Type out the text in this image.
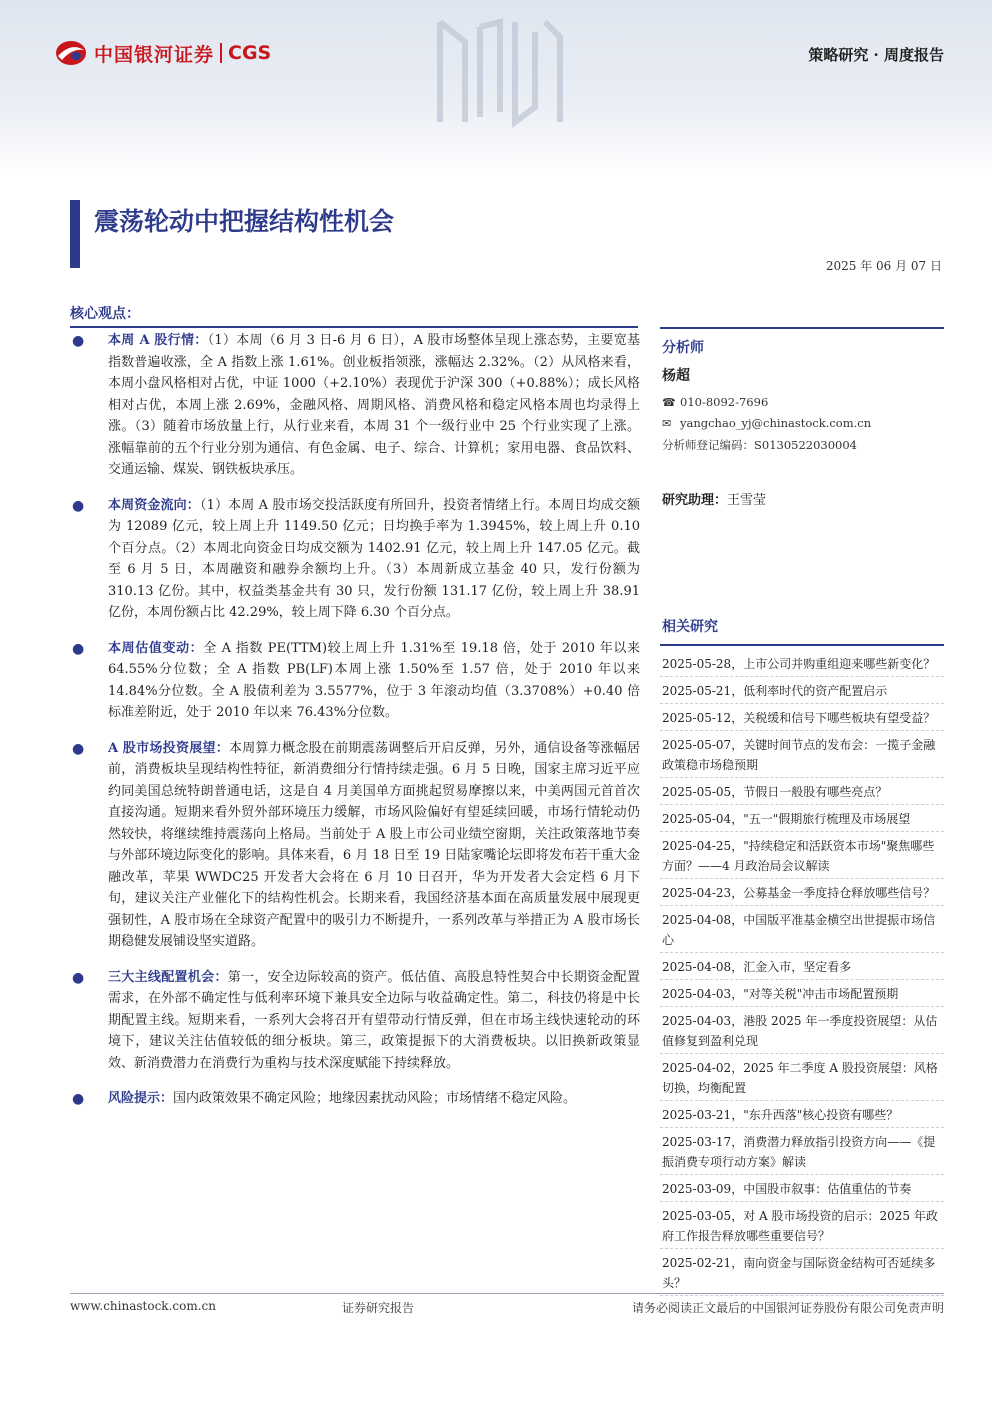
中国银河证券 CGS	策略研究 · 周度报告
震荡轮动中把握结构性机会
2025 年 06 月 07 日
核心观点：
● 本周 A 股行情：（1）本周（6 月 3 日-6 月 6 日），A 股市场整体呈现上涨态势，主要宽基指数普遍收涨，全 A 指数上涨 1.61%。创业板指领涨，涨幅达 2.32%。（2）从风格来看，本周小盘风格相对占优，中证 1000（+2.10%）表现优于沪深 300（+0.88%）；成长风格相对占优，本周上涨 2.69%，金融风格、周期风格、消费风格和稳定风格本周也均录得上涨。（3）随着市场放量上行，从行业来看，本周 31 个一级行业中 25 个行业实现了上涨。涨幅靠前的五个行业分别为通信、有色金属、电子、综合、计算机；家用电器、食品饮料、交通运输、煤炭、钢铁板块承压。
● 本周资金流向：（1）本周 A 股市场交投活跃度有所回升，投资者情绪上行。本周日均成交额为 12089 亿元，较上周上升 1149.50 亿元；日均换手率为 1.3945%，较上周上升 0.10 个百分点。（2）本周北向资金日均成交额为 1402.91 亿元，较上周上升 147.05 亿元。截至 6 月 5 日，本周融资和融券余额均上升。（3）本周新成立基金 40 只，发行份额为 310.13 亿份。其中，权益类基金共有 30 只，发行份额 131.17 亿份，较上周上升 38.91 亿份，本周份额占比 42.29%，较上周下降 6.30 个百分点。
● 本周估值变动：全 A 指数 PE(TTM)较上周上升 1.31%至 19.18 倍，处于 2010 年以来 64.55%分位数；全 A 指数 PB(LF)本周上涨 1.50%至 1.57 倍，处于 2010 年以来 14.84%分位数。全 A 股债利差为 3.5577%，位于 3 年滚动均值（3.3708%）+0.40 倍标准差附近，处于 2010 年以来 76.43%分位数。
● A 股市场投资展望：本周算力概念股在前期震荡调整后开启反弹，另外，通信设备等涨幅居前，消费板块呈现结构性特征，新消费细分行情持续走强。6 月 5 日晚，国家主席习近平应约同美国总统特朗普通电话，这是自 4 月美国单方面挑起贸易摩擦以来，中美两国元首首次直接沟通。短期来看外贸外部环境压力缓解，市场风险偏好有望延续回暖，市场行情轮动仍然较快，将继续维持震荡向上格局。当前处于 A 股上市公司业绩空窗期，关注政策落地节奏与外部环境边际变化的影响。具体来看，6 月 18 日至 19 日陆家嘴论坛即将发布若干重大金融改革，苹果 WWDC25 开发者大会将在 6 月 10 日召开，华为开发者大会定档 6 月下旬，建议关注产业催化下的结构性机会。长期来看，我国经济基本面在高质量发展中展现更强韧性，A 股市场在全球资产配置中的吸引力不断提升，一系列改革与举措正为 A 股市场长期稳健发展铺设坚实道路。
● 三大主线配置机会：第一，安全边际较高的资产。低估值、高股息特性契合中长期资金配置需求，在外部不确定性与低利率环境下兼具安全边际与收益确定性。第二，科技仍将是中长期配置主线。短期来看，一系列大会将召开有望带动行情反弹，但在市场主线快速轮动的环境下，建议关注估值较低的细分板块。第三，政策提振下的大消费板块。以旧换新政策显效、新消费潜力在消费行为重构与技术深度赋能下持续释放。
● 风险提示：国内政策效果不确定风险；地缘因素扰动风险；市场情绪不稳定风险。
分析师
杨超
☎ 010-8092-7696
✉ yangchao_yj@chinastock.com.cn
分析师登记编码：S0130522030004
研究助理：王雪莹
相关研究
2025-05-28，上市公司并购重组迎来哪些新变化？
2025-05-21，低利率时代的资产配置启示
2025-05-12，关税缓和信号下哪些板块有望受益？
2025-05-07，关键时间节点的发布会：一揽子金融政策稳市场稳预期
2025-05-05，节假日一般股有哪些亮点？
2025-05-04，"五一"假期旅行梳理及市场展望
2025-04-25，"持续稳定和活跃资本市场"聚焦哪些方面？——4 月政治局会议解读
2025-04-23，公募基金一季度持仓释放哪些信号？
2025-04-08，中国版平准基金横空出世提振市场信心
2025-04-08，汇金入市，坚定看多
2025-04-03，"对等关税"冲击市场配置预期
2025-04-03，港股 2025 年一季度投资展望：从估值修复到盈利兑现
2025-04-02，2025 年二季度 A 股投资展望：风格切换，均衡配置
2025-03-21，"东升西落"核心投资有哪些？
2025-03-17，消费潜力释放指引投资方向——《提振消费专项行动方案》解读
2025-03-09，中国股市叙事：估值重估的节奏
2025-03-05，对 A 股市场投资的启示：2025 年政府工作报告释放哪些重要信号？
2025-02-21，南向资金与国际资金结构可否延续多头？
www.chinastock.com.cn	证券研究报告	请务必阅读正文最后的中国银河证券股份有限公司免责声明
